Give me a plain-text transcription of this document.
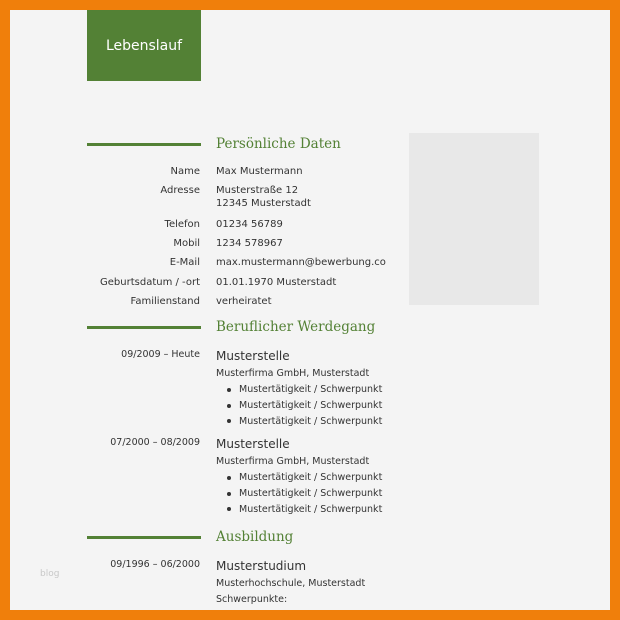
Lebenslauf
blog
Persönliche Daten
Name Max Mustermann
Adresse Musterstraße 12
12345 Musterstadt
Telefon 01234 56789
Mobil 1234 578967
E-Mail max.mustermann@bewerbung.co
Geburtsdatum / -ort 01.01.1970 Musterstadt
Familienstand verheiratet
Beruflicher Werdegang
09/2009 – Heute Musterstelle
Musterfirma GmbH, Musterstadt
Mustertätigkeit / Schwerpunkt
Mustertätigkeit / Schwerpunkt
Mustertätigkeit / Schwerpunkt
07/2000 – 08/2009 Musterstelle
Musterfirma GmbH, Musterstadt
Mustertätigkeit / Schwerpunkt
Mustertätigkeit / Schwerpunkt
Mustertätigkeit / Schwerpunkt
Ausbildung
09/1996 – 06/2000 Musterstudium
Musterhochschule, Musterstadt
Schwerpunkte:
